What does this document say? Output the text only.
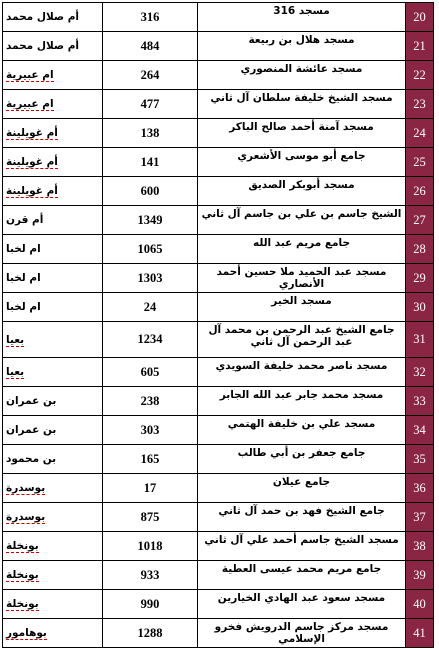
أم صلال محمد	316	مسجد 316	20
أم صلال محمد	484	مسجد هلال بن ربيعة	21
ام عبيرية	264	مسجد عائشة المنصوري	22
ام عبيرية	477	مسجد الشيخ خليفة سلطان آل ثاني	23
أم غويلينة	138	مسجد آمنة أحمد صالح الباكر	24
أم غويلينة	141	جامع أبو موسى الأشعري	25
أم غويلينة	600	مسجد أبوبكر الصديق	26
أم قرن	1349	الشيخ جاسم بن علي بن جاسم آل ثاني	27
ام لخبا	1065	جامع مريم عبد الله	28
ام لخبا	1303	مسجد عبد الحميد ملا حسين أحمد الأنصاري	29
ام لخبا	24	مسجد الخير	30
بعيا	1234	جامع الشيخ عبد الرحمن بن محمد آل عبد الرحمن آل ثاني	31
بعيا	605	مسجد ناصر محمد خليفة السويدي	32
بن عمران	238	مسجد محمد جابر عبد الله الجابر	33
بن عمران	303	مسجد علي بن خليفة الهتمي	34
بن محمود	165	جامع جعفر بن أبي طالب	35
بوسدرة	17	جامع عيلان	36
بوسدرة	875	جامع الشيخ فهد بن حمد آل ثاني	37
بونخلة	1018	مسجد الشيخ جاسم أحمد علي آل ثاني	38
بونخلة	933	جامع مريم محمد عيسى العطية	39
بونخلة	990	مسجد سعود عبد الهادي الخيارين	40
بوهامور	1288	مسجد مركز جاسم الدرويش فخرو الإسلامي	41
